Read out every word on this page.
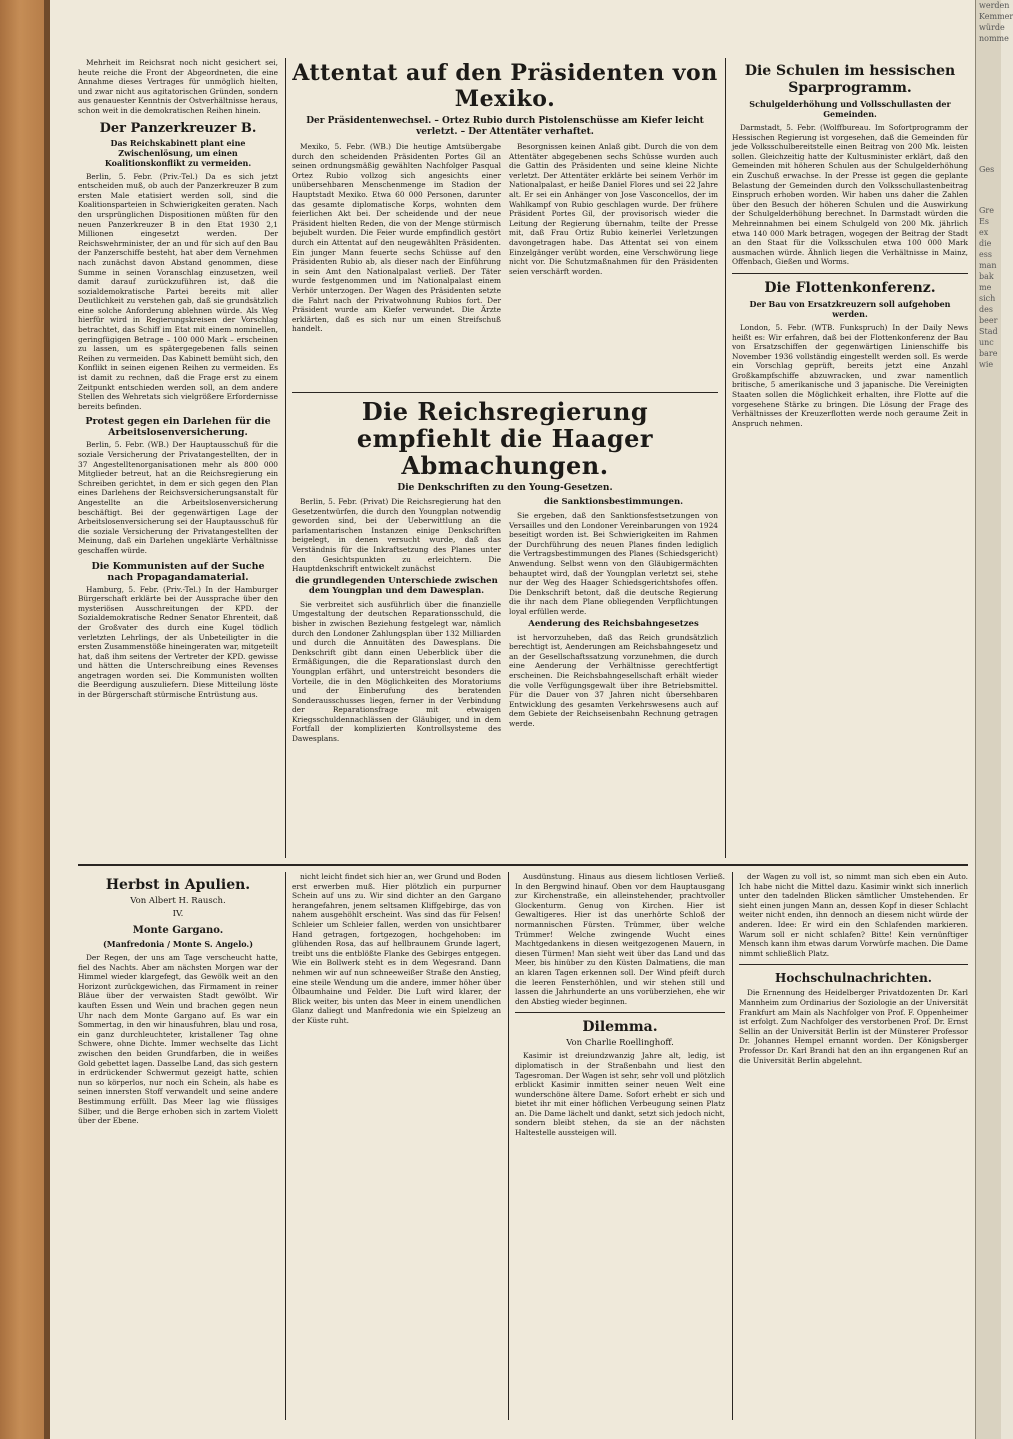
werden
Kemmer
würde
nomme
Ges
Gre
Es
ex
die
ess
man
bak
me
sich
des
beer
Stad
unc
bare
wie

Mehrheit im Reichsrat noch nicht gesichert sei, heute reiche die Front der Abgeordneten, die eine Annahme dieses Vertrages für unmöglich hielten, und zwar nicht aus agitatorischen Gründen, sondern aus genauester Kenntnis der Ostverhältnisse heraus, schon weit in die demokratischen Reihen hinein.

Der Panzerkreuzer B.
Das Reichskabinett plant eine Zwischenlösung, um einen Koalitionskonflikt zu vermeiden.

Berlin, 5. Febr. (Priv.-Tel.) Da es sich jetzt entscheiden muß, ob auch der Panzerkreuzer B zum ersten Male etatisiert werden soll, sind die Koalitionsparteien in Schwierigkeiten geraten. Nach den ursprünglichen Dispositionen müßten für den neuen Panzerkreuzer B in den Etat 1930 2,1 Millionen eingesetzt werden. Der Reichswehrminister, der an und für sich auf den Bau der Panzerschiffe besteht, hat aber dem Vernehmen nach zunächst davon Abstand genommen, diese Summe in seinen Voranschlag einzusetzen, weil damit darauf zurückzuführen ist, daß die sozialdemokratische Partei bereits mit aller Deutlichkeit zu verstehen gab, daß sie grundsätzlich eine solche Anforderung ablehnen würde. Als Weg hierfür wird in Regierungskreisen der Vorschlag betrachtet, das Schiff im Etat mit einem nominellen, geringfügigen Betrage – 100 000 Mark – erscheinen zu lassen, um es spätergegebenen falls seinen Reihen zu vermeiden. Das Kabinett bemüht sich, den Konflikt in seinen eigenen Reihen zu vermeiden. Es ist damit zu rechnen, daß die Frage erst zu einem Zeitpunkt entschieden werden soll, an dem andere Stellen des Wehretats sich vielgrößere Erfordernisse bereits befinden.

Protest gegen ein Darlehen für die Arbeitslosenversicherung.

Berlin, 5. Febr. (WB.) Der Hauptausschuß für die soziale Versicherung der Privatangestellten, der in 37 Angestelltenorganisationen mehr als 800 000 Mitglieder betreut, hat an die Reichsregierung ein Schreiben gerichtet, in dem er sich gegen den Plan eines Darlehens der Reichsversicherungsanstalt für Angestellte an die Arbeitslosenversicherung beschäftigt. Bei der gegenwärtigen Lage der Arbeitslosenversicherung sei der Hauptausschuß für die soziale Versicherung der Privatangestellten der Meinung, daß ein Darlehen ungeklärte Verhältnisse geschaffen würde.

Die Kommunisten auf der Suche nach Propagandamaterial.

Hamburg, 5. Febr. (Priv.-Tel.) In der Hamburger Bürgerschaft erklärte bei der Aussprache über den mysteriösen Ausschreitungen der KPD. der Sozialdemokratische Redner Senator Ehrenteit, daß der Großvater des durch eine Kugel tödlich verletzten Lehrlings, der als Unbeteiligter in die ersten Zusammenstöße hineingeraten war, mitgeteilt hat, daß ihm seitens der Vertreter der KPD. gewisse und hätten die Unterschreibung eines Revenses angetragen worden sei. Die Kommunisten wollten die Beerdigung auszuliefern. Diese Mitteilung löste in der Bürgerschaft stürmische Entrüstung aus.

Attentat auf den Präsidenten von Mexiko.
Der Präsidentenwechsel. – Ortez Rubio durch Pistolenschüsse am Kiefer leicht verletzt. – Der Attentäter verhaftet.

Mexiko, 5. Febr. (WB.) Die heutige Amtsübergabe durch den scheidenden Präsidenten Portes Gil an seinen ordnungsmäßig gewählten Nachfolger Pasqual Ortez Rubio vollzog sich angesichts einer unübersehbaren Menschenmenge im Stadion der Hauptstadt Mexiko. Etwa 60 000 Personen, darunter das gesamte diplomatische Korps, wohnten dem feierlichen Akt bei. Der scheidende und der neue Präsident hielten Reden, die von der Menge stürmisch bejubelt wurden. Die Feier wurde empfindlich gestört durch ein Attentat auf den neugewählten Präsidenten. Ein junger Mann feuerte sechs Schüsse auf den Präsidenten Rubio ab, als dieser nach der Einführung in sein Amt den Nationalpalast verließ. Der Täter wurde festgenommen und im Nationalpalast einem Verhör unterzogen. Der Wagen des Präsidenten setzte die Fahrt nach der Privatwohnung Rubios fort. Der Präsident wurde am Kiefer verwundet. Die Ärzte erklärten, daß es sich nur um einen Streifschuß handelt.

Besorgnissen keinen Anlaß gibt. Durch die von dem Attentäter abgegebenen sechs Schüsse wurden auch die Gattin des Präsidenten und seine kleine Nichte verletzt. Der Attentäter erklärte bei seinem Verhör im Nationalpalast, er heiße Daniel Flores und sei 22 Jahre alt. Er sei ein Anhänger von Jose Vasconcellos, der im Wahlkampf von Rubio geschlagen wurde. Der frühere Präsident Portes Gil, der provisorisch wieder die Leitung der Regierung übernahm, teilte der Presse mit, daß Frau Ortiz Rubio keinerlei Verletzungen davongetragen habe. Das Attentat sei von einem Einzelgänger verübt worden, eine Verschwörung liege nicht vor. Die Schutzmaßnahmen für den Präsidenten seien verschärft worden.

Die Schulen im hessischen Sparprogramm.
Schulgelderhöhung und Vollsschullasten der Gemeinden.

Darmstadt, 5. Febr. (Wolffbureau. Im Sofortprogramm der Hessischen Regierung ist vorgesehen, daß die Gemeinden für jede Volksschulbereitstelle einen Beitrag von 200 Mk. leisten sollen. Gleichzeitig hatte der Kultusminister erklärt, daß den Gemeinden mit höheren Schulen aus der Schulgelderhöhung ein Zuschuß erwachse. In der Presse ist gegen die geplante Belastung der Gemeinden durch den Volksschullastenbeitrag Einspruch erhoben worden. Wir haben uns daher die Zahlen über den Besuch der höheren Schulen und die Auswirkung der Schulgelderhöhung berechnet. In Darmstadt würden die Mehreinnahmen bei einem Schulgeld von 200 Mk. jährlich etwa 140 000 Mark betragen, wogegen der Beitrag der Stadt an den Staat für die Volksschulen etwa 100 000 Mark ausmachen würde. Ähnlich liegen die Verhältnisse in Mainz, Offenbach, Gießen und Worms.

Die Flottenkonferenz.
Der Bau von Ersatzkreuzern soll aufgehoben werden.

London, 5. Febr. (WTB. Funkspruch) In der Daily News heißt es: Wir erfahren, daß bei der Flottenkonferenz der Bau von Ersatzschiffen der gegenwärtigen Linienschiffe bis November 1936 vollständig eingestellt werden soll. Es werde ein Vorschlag geprüft, bereits jetzt eine Anzahl Großkampfschiffe abzuwracken, und zwar namentlich britische, 5 amerikanische und 3 japanische. Die Vereinigten Staaten sollen die Möglichkeit erhalten, ihre Flotte auf die vorgesehene Stärke zu bringen. Die Lösung der Frage des Verhältnisses der Kreuzerflotten werde noch geraume Zeit in Anspruch nehmen.

Die Reichsregierung
empfiehlt die Haager Abmachungen.
Die Denkschriften zu den Young-Gesetzen.

Berlin, 5. Febr. (Privat) Die Reichsregierung hat den Gesetzentwürfen, die durch den Youngplan notwendig geworden sind, bei der Ueberwittlung an die parlamentarischen Instanzen einige Denkschriften beigelegt, in denen versucht wurde, daß das Verständnis für die Inkraftsetzung des Planes unter den Gesichtspunkten zu erleichtern. Die Hauptdenkschrift entwickelt zunächst

die grundlegenden Unterschiede zwischen dem Youngplan und dem Dawesplan.

Sie verbreitet sich ausführlich über die finanzielle Umgestaltung der deutschen Reparationsschuld, die bisher in zwischen Beziehung festgelegt war, nämlich durch den Londoner Zahlungsplan über 132 Milliarden und durch die Annuitäten des Dawesplans. Die Denkschrift gibt dann einen Ueberblick über die Ermäßigungen, die die Reparationslast durch den Youngplan erfährt, und unterstreicht besonders die Vorteile, die in den Möglichkeiten des Moratoriums und der Einberufung des beratenden Sonderausschusses liegen, ferner in der Verbindung der Reparationsfrage mit etwaigen Kriegsschuldennachlässen der Gläubiger, und in dem Fortfall der komplizierten Kontrollsysteme des Dawesplans.

die Sanktionsbestimmungen.

Sie ergeben, daß den Sanktionsfestsetzungen von Versailles und den Londoner Vereinbarungen von 1924 beseitigt worden ist. Bei Schwierigkeiten im Rahmen der Durchführung des neuen Planes finden lediglich die Vertragsbestimmungen des Planes (Schiedsgericht) Anwendung. Selbst wenn von den Gläubigermächten behauptet wird, daß der Youngplan verletzt sei, stehe nur der Weg des Haager Schiedsgerichtshofes offen. Die Denkschrift betont, daß die deutsche Regierung die ihr nach dem Plane obliegenden Verpflichtungen loyal erfüllen werde.

Aenderung des Reichsbahngesetzes

ist hervorzuheben, daß das Reich grundsätzlich berechtigt ist, Aenderungen am Reichsbahngesetz und an der Gesellschaftssatzung vorzunehmen, die durch eine Aenderung der Verhältnisse gerechtfertigt erscheinen. Die Reichsbahngesellschaft erhält wieder die volle Verfügungsgewalt über ihre Betriebsmittel. Für die Dauer von 37 Jahren nicht übersehbaren Entwicklung des gesamten Verkehrswesens auch auf dem Gebiete der Reichseisenbahn Rechnung getragen werde.

Herbst in Apulien.
Von Albert H. Rausch.
IV.
Monte Gargano.
(Manfredonia / Monte S. Angelo.)

Der Regen, der uns am Tage verscheucht hatte, fiel des Nachts. Aber am nächsten Morgen war der Himmel wieder klargefegt, das Gewölk weit an den Horizont zurückgewichen, das Firmament in reiner Bläue über der verwaisten Stadt gewölbt. Wir kauften Essen und Wein und brachen gegen neun Uhr nach dem Monte Gargano auf. Es war ein Sommertag, in den wir hinausfuhren, blau und rosa, ein ganz durchleuchteter, kristallener Tag ohne Schwere, ohne Dichte. Immer wechselte das Licht zwischen den beiden Grundfarben, die in weißes Gold gebettet lagen. Dasselbe Land, das sich gestern in erdrückender Schwermut gezeigt hatte, schien nun so körperlos, nur noch ein Schein, als habe es seinen innersten Stoff verwandelt und seine andere Bestimmung erfüllt. Das Meer lag wie flüssiges Silber, und die Berge erhoben sich in zartem Violett über der Ebene.

nicht leicht findet sich hier an, wer Grund und Boden erst erwerben muß. Hier plötzlich ein purpurner Schein auf uns zu. Wir sind dichter an den Gargano herangefahren, jenem seltsamen Kliffgebirge, das von nahem ausgehöhlt erscheint. Was sind das für Felsen! Schleier um Schleier fallen, werden von unsichtbarer Hand getragen, fortgezogen, hochgehoben: im glühenden Rosa, das auf hellbraunem Grunde lagert, treibt uns die entblößte Flanke des Gebirges entgegen. Wie ein Bollwerk steht es in dem Wegesrand. Dann nehmen wir auf nun schneeweißer Straße den Anstieg, eine steile Wendung um die andere, immer höher über Ölbaumhaine und Felder. Die Luft wird klarer, der Blick weiter, bis unten das Meer in einem unendlichen Glanz daliegt und Manfredonia wie ein Spielzeug an der Küste ruht.

Ausdünstung. Hinaus aus diesem lichtlosen Verließ. In den Bergwind hinauf. Oben vor dem Hauptausgang zur Kirchenstraße, ein alleinstehender, prachtvoller Glockenturm. Genug von Kirchen. Hier ist Gewaltigeres. Hier ist das unerhörte Schloß der normannischen Fürsten. Trümmer, über welche Trümmer! Welche zwingende Wucht eines Machtgedankens in diesen weitgezogenen Mauern, in diesen Türmen! Man sieht weit über das Land und das Meer, bis hinüber zu den Küsten Dalmatiens, die man an klaren Tagen erkennen soll. Der Wind pfeift durch die leeren Fensterhöhlen, und wir stehen still und lassen die Jahrhunderte an uns vorüberziehen, ehe wir den Abstieg wieder beginnen.

Dilemma.
Von Charlie Roellinghoff.

Kasimir ist dreiundzwanzig Jahre alt, ledig, ist diplomatisch in der Straßenbahn und liest den Tagesroman. Der Wagen ist sehr, sehr voll und plötzlich erblickt Kasimir inmitten seiner neuen Welt eine wunderschöne ältere Dame. Sofort erhebt er sich und bietet ihr mit einer höflichen Verbeugung seinen Platz an. Die Dame lächelt und dankt, setzt sich jedoch nicht, sondern bleibt stehen, da sie an der nächsten Haltestelle aussteigen will.

der Wagen zu voll ist, so nimmt man sich eben ein Auto. Ich habe nicht die Mittel dazu. Kasimir winkt sich innerlich unter den tadelnden Blicken sämtlicher Umstehenden. Er sieht einen jungen Mann an, dessen Kopf in dieser Schlacht weiter nicht enden, ihn dennoch an diesem nicht würde der anderen. Idee: Er wird ein den Schlafenden markieren. Warum soll er nicht schlafen? Bitte! Kein vernünftiger Mensch kann ihm etwas darum Vorwürfe machen. Die Dame nimmt schließlich Platz.

Hochschulnachrichten.

Die Ernennung des Heidelberger Privatdozenten Dr. Karl Mannheim zum Ordinarius der Soziologie an der Universität Frankfurt am Main als Nachfolger von Prof. F. Oppenheimer ist erfolgt. Zum Nachfolger des verstorbenen Prof. Dr. Ernst Sellin an der Universität Berlin ist der Münsterer Professor Dr. Johannes Hempel ernannt worden. Der Königsberger Professor Dr. Karl Brandi hat den an ihn ergangenen Ruf an die Universität Berlin abgelehnt.
